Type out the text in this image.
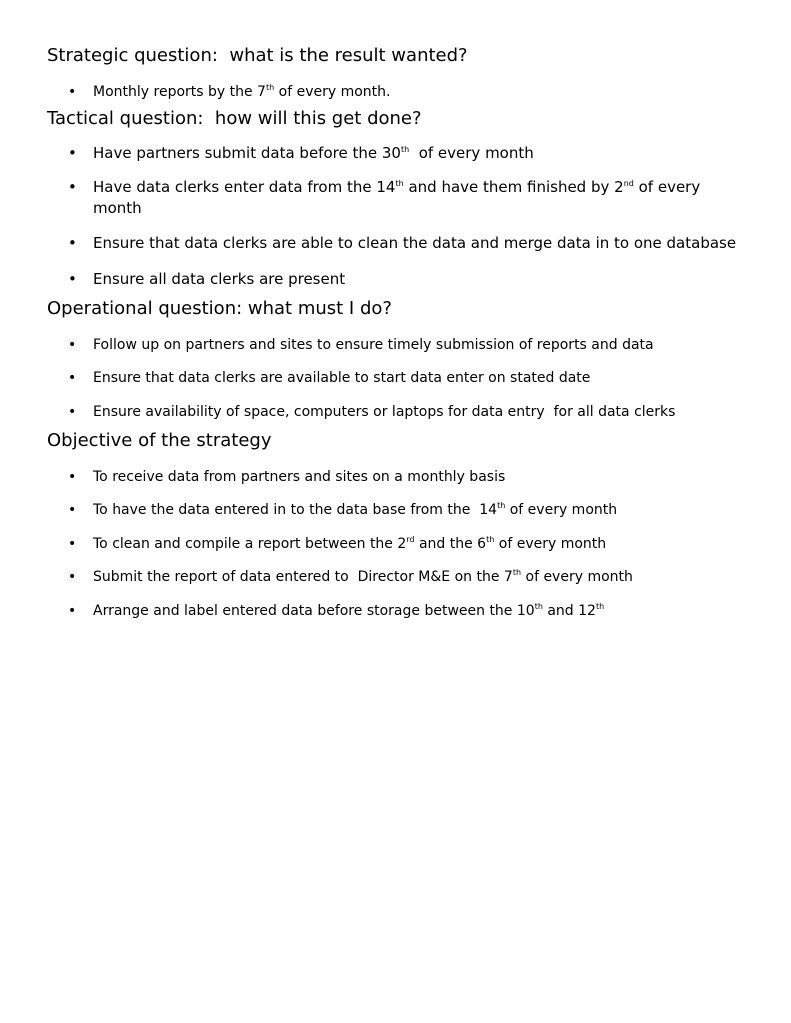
Strategic question:  what is the result wanted?
• Monthly reports by the 7th of every month.
Tactical question:  how will this get done?
• Have partners submit data before the 30th  of every month
• Have data clerks enter data from the 14th and have them finished by 2nd of every month
• Ensure that data clerks are able to clean the data and merge data in to one database
• Ensure all data clerks are present
Operational question: what must I do?
• Follow up on partners and sites to ensure timely submission of reports and data
• Ensure that data clerks are available to start data enter on stated date
• Ensure availability of space, computers or laptops for data entry  for all data clerks
Objective of the strategy
• To receive data from partners and sites on a monthly basis
• To have the data entered in to the data base from the  14th of every month
• To clean and compile a report between the 2rd and the 6th of every month
• Submit the report of data entered to  Director M&E on the 7th of every month
• Arrange and label entered data before storage between the 10th and 12th
